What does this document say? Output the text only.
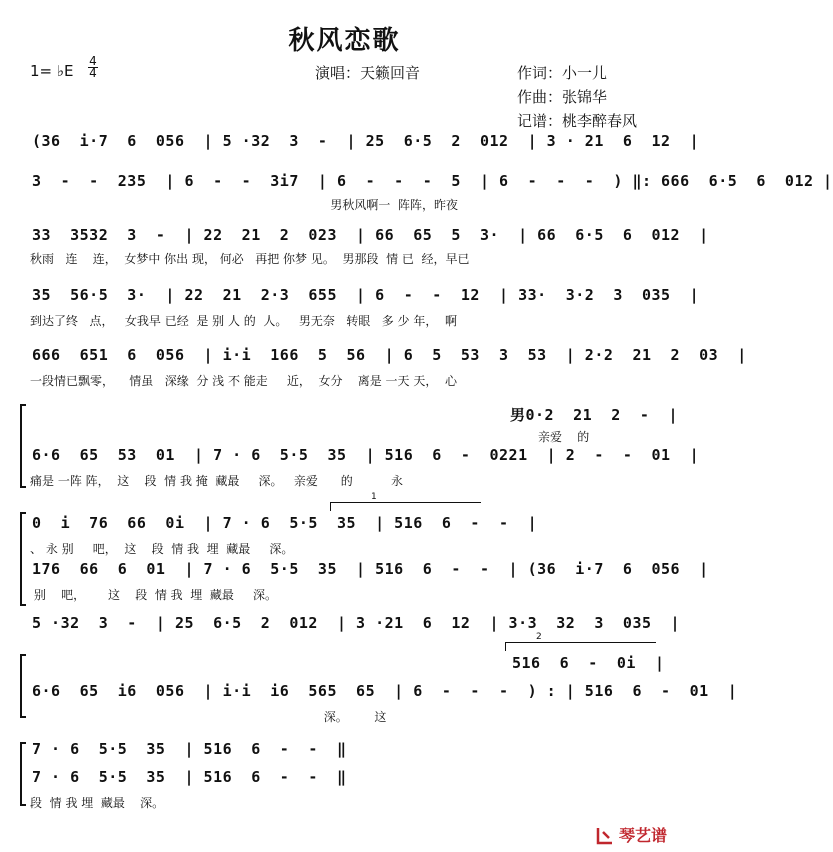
秋风恋歌
1= ♭E $\frac{4}{4}$	演唱：天籁回音	作词：小一儿
作曲：张锦华
记谱：桃李醉春风
(36  i·7  6  056  | 5 ·32  3  -  | 25  6·5  2  012  | 3 · 21  6  12  |
3  -  -  235  | 6  -  -  3i7  | 6  -  -  -  5  | 6  -  -  -  ) ‖: 666  6·5  6  012 |
男秋风啊一  阵阵，昨夜
33  3532  3  -  | 22  21  2  023  | 66  65  5  3·  | 66  6·5  6  012  |
秋雨   连    连，  女梦中 你出 现， 何必   再把 你梦 见。  男那段  情 已  经，早已
35  56·5  3·  | 22  21  2·3  655  | 6  -  -  12  | 33·  3·2  3  035  |
到达了终   点，   女我早 已经  是 别 人 的  人。   男无奈   转眼   多 少 年，  啊
666  651  6  056  | i·i  166  5  56  | 6  5  53  3  53  | 2·2  21  2  03  |
一段情已飘零，    情虽   深缘  分 浅 不 能走     近，  女分    离是 一天 天，  心
男0·2  21  2  -  |
亲爱    的
6·6  65  53  01  | 7 · 6  5·5  35  | 516  6  -  0221  | 2  -  -  01  |
痛是 一阵 阵，  这    段  情 我 掩  藏最     深。   亲爱      的          永
1
0  i  76  66  0i  | 7 · 6  5·5  35  | 516  6  -  -  |
、 永 别     吧，  这    段  情 我  埋  藏最     深。
176  66  6  01  | 7 · 6  5·5  35  | 516  6  -  -  | (36  i·7  6  056  |
别    吧，      这    段  情 我  埋  藏最     深。
5 ·32  3  -  | 25  6·5  2  012  | 3 ·21  6  12  | 3·3  32  3  035  |
2
516  6  -  0i  |
6·6  65  i6  056  | i·i  i6  565  65  | 6  -  -  -  ) : | 516  6  -  01  |
深。       这
7 · 6  5·5  35  | 516  6  -  -  ‖
7 · 6  5·5  35  | 516  6  -  -  ‖
段  情 我 埋  藏最    深。
琴艺谱
